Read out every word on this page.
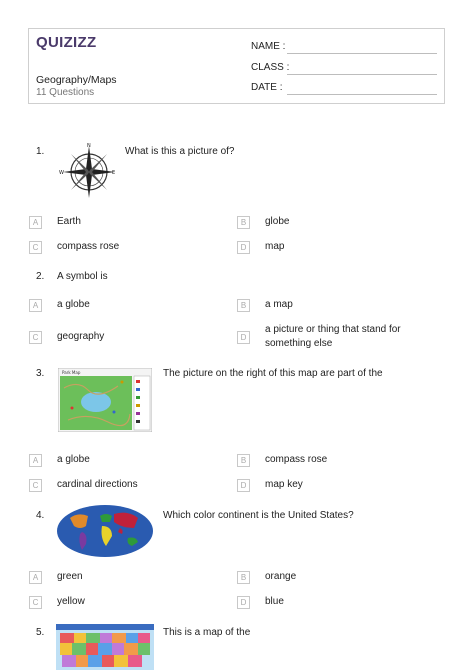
QUIZIZZ
Geography/Maps
11 Questions
NAME :
CLASS :
DATE :
1.	N
W	E
What is this a picture of?
A	Earth	B	globe
C	compass rose	D	map
2. A symbol is
A	a globe	B	a map
C	geography	D
a picture or thing that stand for something else
3.	Park Map	The picture on the right of this map are part of the
A	a globe	B	compass rose
C	cardinal directions	D	map key
4.	Which color continent is the United States?
A	green	B	orange
C	yellow	D	blue
5.	This is a map of the
